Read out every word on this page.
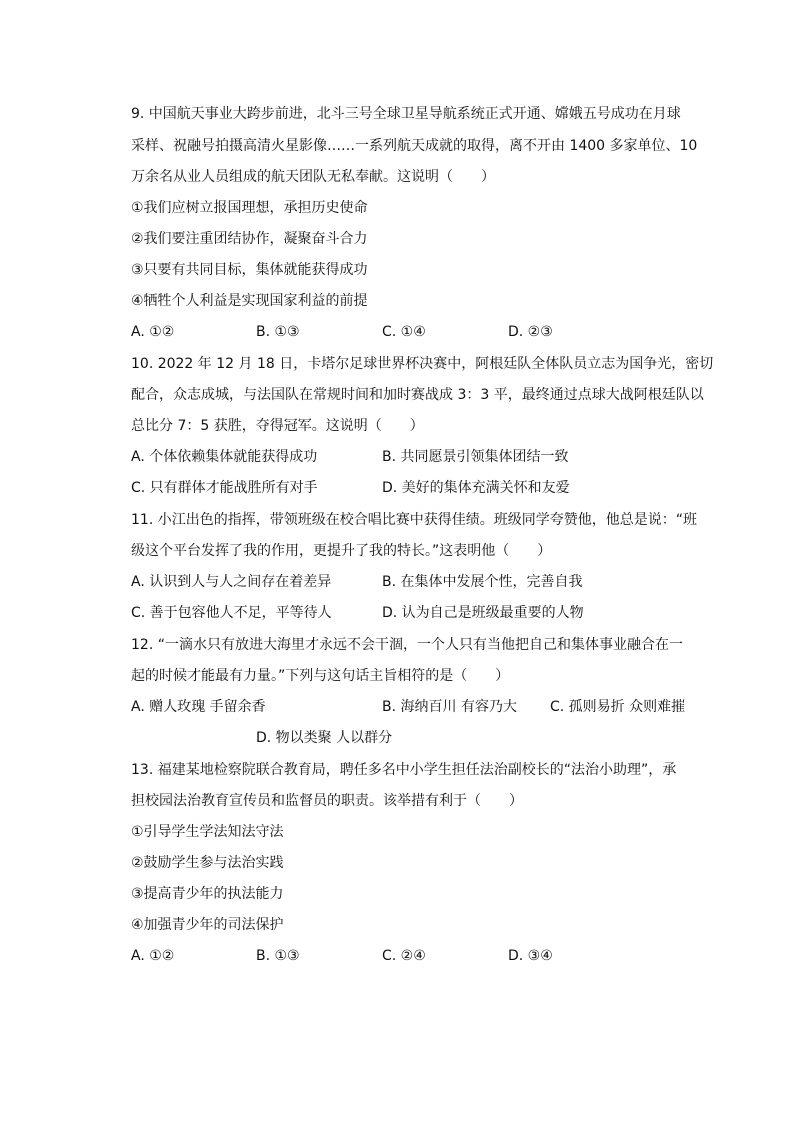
9. 中国航天事业大跨步前进，北斗三号全球卫星导航系统正式开通、嫦娥五号成功在月球
采样、祝融号拍摄高清火星影像……一系列航天成就的取得，离不开由 1400 多家单位、10
万余名从业人员组成的航天团队无私奉献。这说明（　　）
①我们应树立报国理想，承担历史使命
②我们要注重团结协作，凝聚奋斗合力
③只要有共同目标，集体就能获得成功
④牺牲个人利益是实现国家利益的前提
A. ①②	B. ①③	C. ①④	D. ②③
10. 2022 年 12 月 18 日，卡塔尔足球世界杯决赛中，阿根廷队全体队员立志为国争光，密切
配合，众志成城，与法国队在常规时间和加时赛战成 3：3 平，最终通过点球大战阿根廷队以
总比分 7：5 获胜，夺得冠军。这说明（　　）
A. 个体依赖集体就能获得成功	B. 共同愿景引领集体团结一致
C. 只有群体才能战胜所有对手	D. 美好的集体充满关怀和友爱
11. 小江出色的指挥，带领班级在校合唱比赛中获得佳绩。班级同学夸赞他，他总是说：“班
级这个平台发挥了我的作用，更提升了我的特长。”这表明他（　　）
A. 认识到人与人之间存在着差异	B. 在集体中发展个性，完善自我
C. 善于包容他人不足，平等待人	D. 认为自己是班级最重要的人物
12. “一滴水只有放进大海里才永远不会干涸，一个人只有当他把自己和集体事业融合在一
起的时候才能最有力量。”下列与这句话主旨相符的是（　　）
A. 赠人玫瑰 手留余香	B. 海纳百川 有容乃大 C. 孤则易折 众则难摧
D. 物以类聚 人以群分
13. 福建某地检察院联合教育局，聘任多名中小学生担任法治副校长的“法治小助理”，承
担校园法治教育宣传员和监督员的职责。该举措有利于（　　）
①引导学生学法知法守法
②鼓励学生参与法治实践
③提高青少年的执法能力
④加强青少年的司法保护
A. ①②	B. ①③	C. ②④	D. ③④
